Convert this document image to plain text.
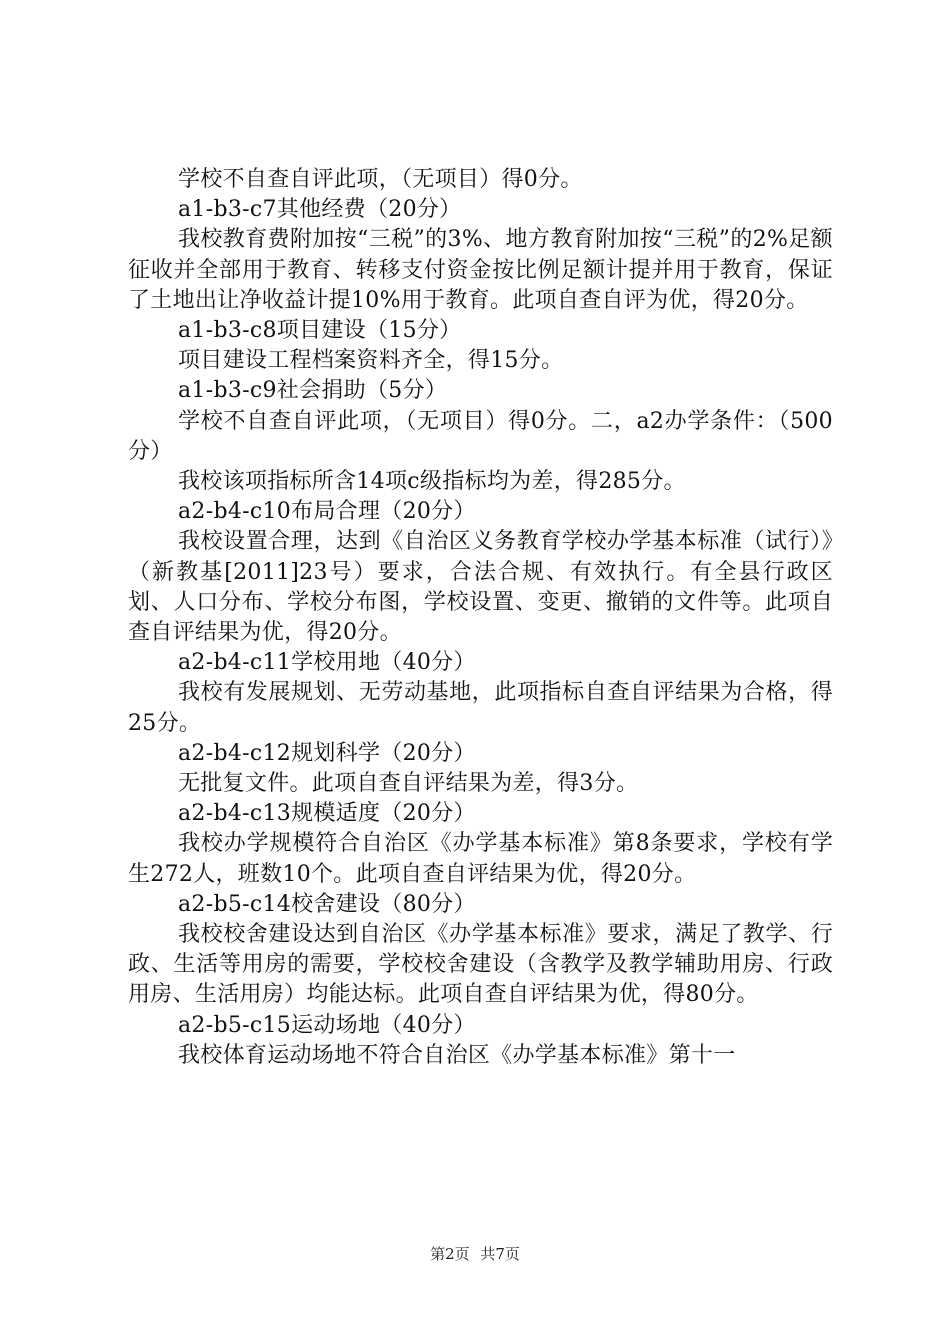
学校不自查自评此项，（无项目）得0分。

a1-b3-c7其他经费（20分）

我校教育费附加按“三税”的3%、地方教育附加按“三税”的2%足额征收并全部用于教育、转移支付资金按比例足额计提并用于教育，保证了土地出让净收益计提10%用于教育。此项自查自评为优，得20分。

a1-b3-c8项目建设（15分）

项目建设工程档案资料齐全，得15分。

a1-b3-c9社会捐助（5分）

学校不自查自评此项，（无项目）得0分。二，a2办学条件：（500分）

我校该项指标所含14项c级指标均为差，得285分。

a2-b4-c10布局合理（20分）

我校设置合理，达到《自治区义务教育学校办学基本标准（试行）》（新教基[2011]23号）要求，合法合规、有效执行。有全县行政区划、人口分布、学校分布图，学校设置、变更、撤销的文件等。此项自查自评结果为优，得20分。

a2-b4-c11学校用地（40分）

我校有发展规划、无劳动基地，此项指标自查自评结果为合格，得25分。

a2-b4-c12规划科学（20分）

无批复文件。此项自查自评结果为差，得3分。

a2-b4-c13规模适度（20分）

我校办学规模符合自治区《办学基本标准》第8条要求，学校有学生272人，班数10个。此项自查自评结果为优，得20分。

a2-b5-c14校舍建设（80分）

我校校舍建设达到自治区《办学基本标准》要求，满足了教学、行政、生活等用房的需要，学校校舍建设（含教学及教学辅助用房、行政用房、生活用房）均能达标。此项自查自评结果为优，得80分。

a2-b5-c15运动场地（40分）

我校体育运动场地不符合自治区《办学基本标准》第十一

第2页 共7页
